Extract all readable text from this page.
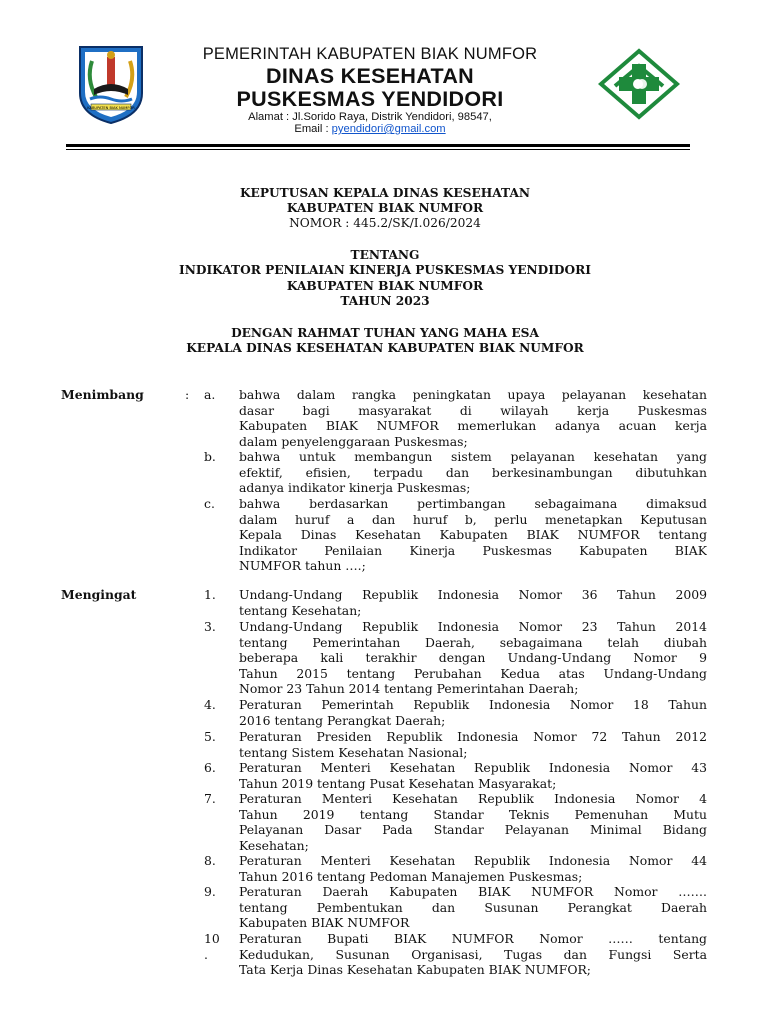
KABUPATEN BIAK NUMFOR
PEMERINTAH KABUPATEN BIAK NUMFOR
DINAS KESEHATAN
PUSKESMAS YENDIDORI
Alamat : Jl.Sorido Raya, Distrik Yendidori, 98547,
Email : pyendidori@gmail.com
KEPUTUSAN KEPALA DINAS KESEHATAN
KABUPATEN BIAK NUMFOR
NOMOR : 445.2/SK/I.026/2024
TENTANG
INDIKATOR PENILAIAN KINERJA PUSKESMAS YENDIDORI
KABUPATEN BIAK NUMFOR
TAHUN 2023
DENGAN RAHMAT TUHAN YANG MAHA ESA
KEPALA DINAS KESEHATAN KABUPATEN BIAK NUMFOR
Menimbang	: a. bahwa dalam rangka peningkatan upaya pelayanan kesehatan
dasar bagi masyarakat di wilayah kerja Puskesmas
Kabupaten BIAK NUMFOR memerlukan adanya acuan kerja
dalam penyelenggaraan Puskesmas;
b. bahwa untuk membangun sistem pelayanan kesehatan yang
efektif, efisien, terpadu dan berkesinambungan dibutuhkan
adanya indikator kinerja Puskesmas;
c. bahwa berdasarkan pertimbangan sebagaimana dimaksud
dalam huruf a dan huruf b, perlu menetapkan Keputusan
Kepala Dinas Kesehatan Kabupaten BIAK NUMFOR tentang
Indikator Penilaian Kinerja Puskesmas Kabupaten BIAK
NUMFOR tahun ….;
Mengingat	1. Undang-Undang Republik Indonesia Nomor 36 Tahun 2009
tentang Kesehatan;
3. Undang-Undang Republik Indonesia Nomor 23 Tahun 2014
tentang Pemerintahan Daerah, sebagaimana telah diubah
beberapa kali terakhir dengan Undang-Undang Nomor 9
Tahun 2015 tentang Perubahan Kedua atas Undang-Undang
Nomor 23 Tahun 2014 tentang Pemerintahan Daerah;
4. Peraturan Pemerintah Republik Indonesia Nomor 18 Tahun
2016 tentang Perangkat Daerah;
5. Peraturan Presiden Republik Indonesia Nomor 72 Tahun 2012
tentang Sistem Kesehatan Nasional;
6. Peraturan Menteri Kesehatan Republik Indonesia Nomor 43
Tahun 2019 tentang Pusat Kesehatan Masyarakat;
7. Peraturan Menteri Kesehatan Republik Indonesia Nomor 4
Tahun 2019 tentang Standar Teknis Pemenuhan Mutu
Pelayanan Dasar Pada Standar Pelayanan Minimal Bidang
Kesehatan;
8. Peraturan Menteri Kesehatan Republik Indonesia Nomor 44
Tahun 2016 tentang Pedoman Manajemen Puskesmas;
9. Peraturan Daerah Kabupaten BIAK NUMFOR Nomor …….
tentang Pembentukan dan Susunan Perangkat Daerah
Kabupaten BIAK NUMFOR
10
.
Peraturan Bupati BIAK NUMFOR Nomor …… tentang
Kedudukan, Susunan Organisasi, Tugas dan Fungsi Serta
Tata Kerja Dinas Kesehatan Kabupaten BIAK NUMFOR;
